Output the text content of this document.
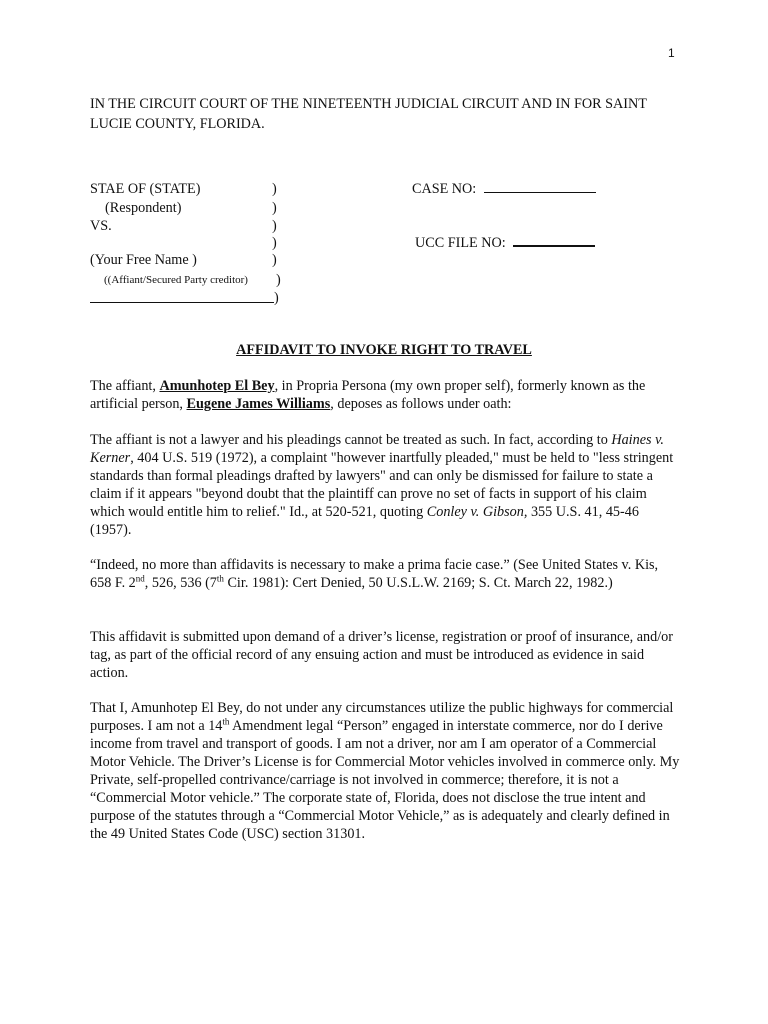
1
IN THE CIRCUIT COURT OF THE NINETEENTH JUDICIAL CIRCUIT AND IN FOR SAINT LUCIE COUNTY, FLORIDA.
STAE OF (STATE)
(Respondent)
VS.
(Your Free Name )
((Affiant/Secured Party creditor)
)
)
)
)
)
)
)
CASE NO:
UCC FILE NO:
AFFIDAVIT TO INVOKE RIGHT TO TRAVEL
The affiant, Amunhotep El Bey, in Propria Persona (my own proper self), formerly known as the artificial person, Eugene James Williams, deposes as follows under oath:
The affiant is not a lawyer and his pleadings cannot be treated as such. In fact, according to Haines v. Kerner, 404 U.S. 519 (1972), a complaint "however inartfully pleaded," must be held to "less stringent standards than formal pleadings drafted by lawyers" and can only be dismissed for failure to state a claim if it appears "beyond doubt that the plaintiff can prove no set of facts in support of his claim which would entitle him to relief." Id., at 520-521, quoting Conley v. Gibson, 355 U.S. 41, 45-46 (1957).
“Indeed, no more than affidavits is necessary to make a prima facie case.” (See United States v. Kis, 658 F. 2nd, 526, 536 (7th Cir. 1981): Cert Denied, 50 U.S.L.W. 2169; S. Ct. March 22, 1982.)
This affidavit is submitted upon demand of a driver’s license, registration or proof of insurance, and/or tag, as part of the official record of any ensuing action and must be introduced as evidence in said action.
That I, Amunhotep El Bey, do not under any circumstances utilize the public highways for commercial purposes. I am not a 14th Amendment legal “Person” engaged in interstate commerce, nor do I derive income from travel and transport of goods. I am not a driver, nor am I am operator of a Commercial Motor Vehicle. The Driver’s License is for Commercial Motor vehicles involved in commerce only. My Private, self-propelled contrivance/carriage is not involved in commerce; therefore, it is not a “Commercial Motor vehicle.” The corporate state of, Florida, does not disclose the true intent and purpose of the statutes through a “Commercial Motor Vehicle,” as is adequately and clearly defined in the 49 United States Code (USC) section 31301.
